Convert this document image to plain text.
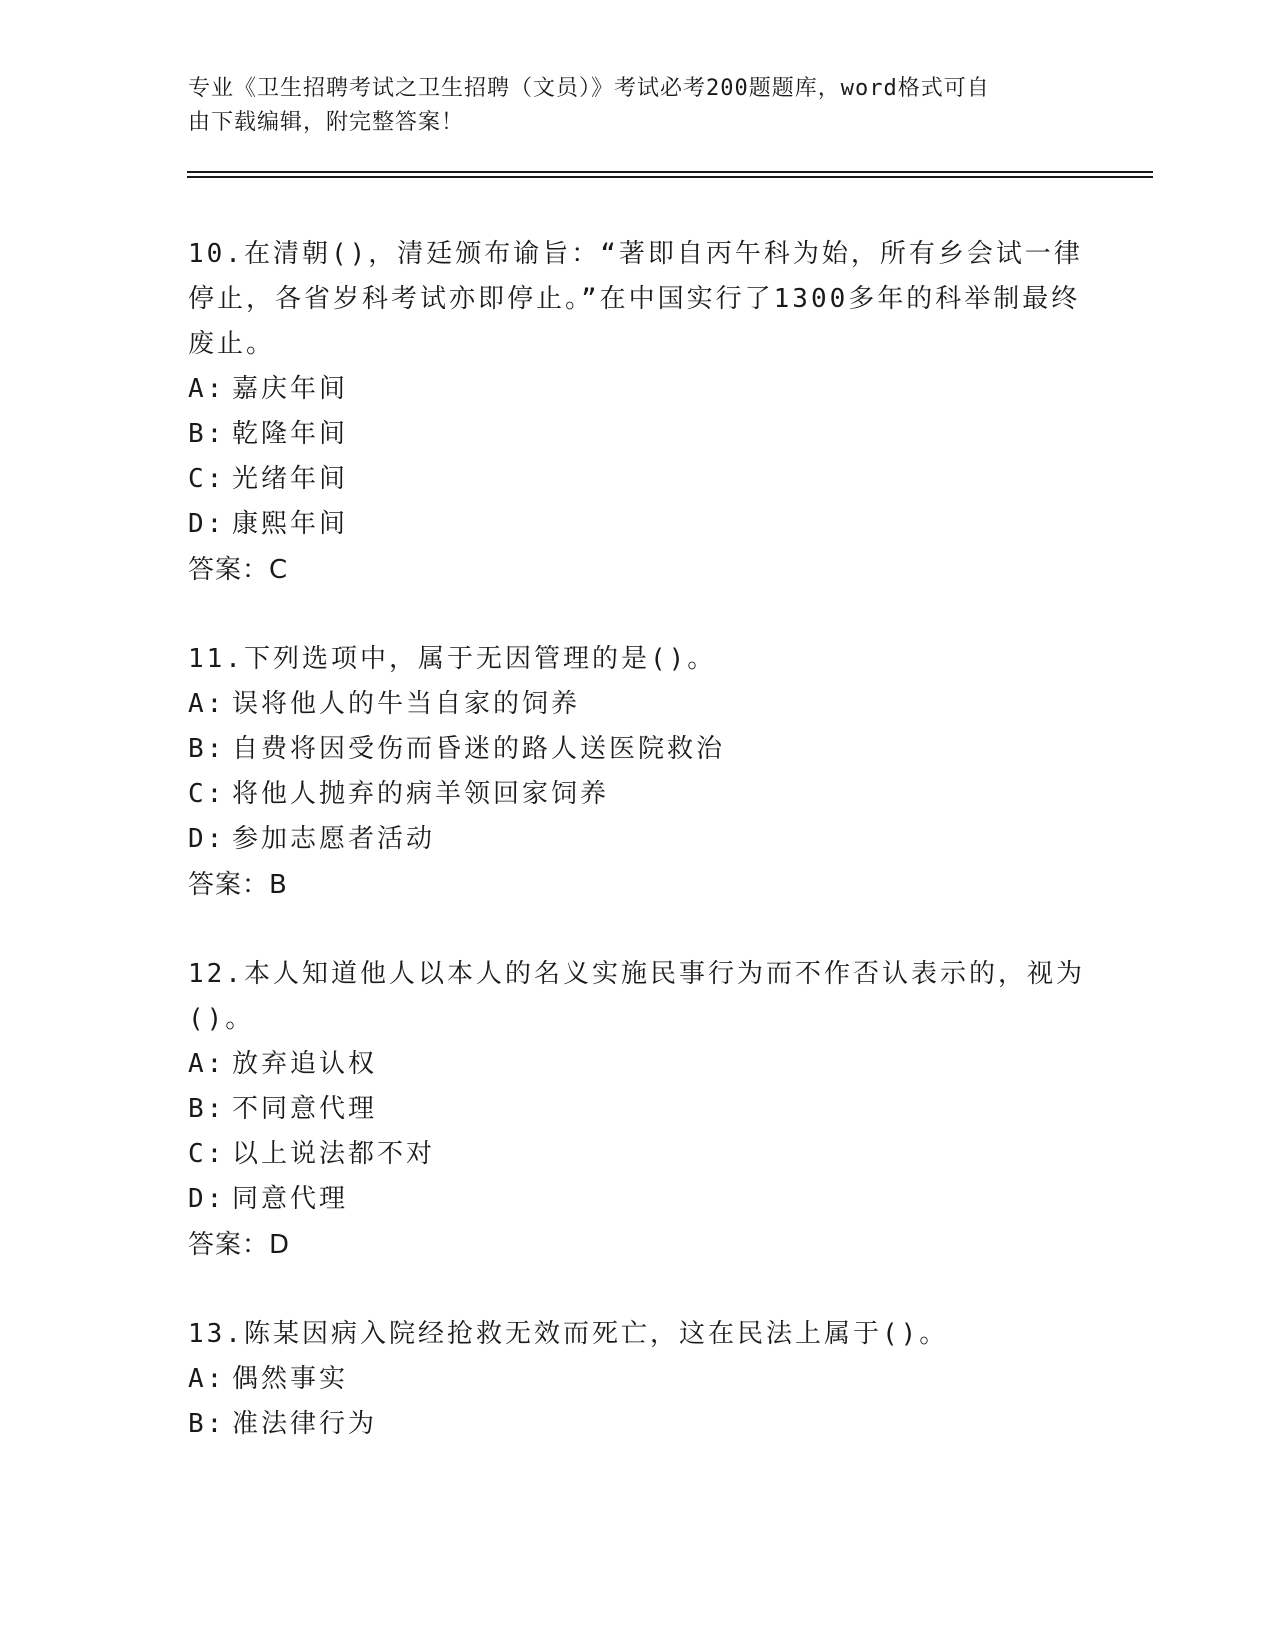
专业《卫生招聘考试之卫生招聘（文员）》考试必考200题题库，word格式可自
由下载编辑，附完整答案！

10.在清朝()，清廷颁布谕旨：“著即自丙午科为始，所有乡会试一律停止，各省岁科考试亦即停止。”在中国实行了1300多年的科举制最终废止。

A: 嘉庆年间
B: 乾隆年间
C: 光绪年间
D: 康熙年间

答案：C

11.下列选项中，属于无因管理的是()。

A: 误将他人的牛当自家的饲养
B: 自费将因受伤而昏迷的路人送医院救治
C: 将他人抛弃的病羊领回家饲养
D: 参加志愿者活动

答案：B

12.本人知道他人以本人的名义实施民事行为而不作否认表示的，视为()。

A: 放弃追认权
B: 不同意代理
C: 以上说法都不对
D: 同意代理

答案：D

13.陈某因病入院经抢救无效而死亡，这在民法上属于()。

A: 偶然事实
B: 准法律行为
